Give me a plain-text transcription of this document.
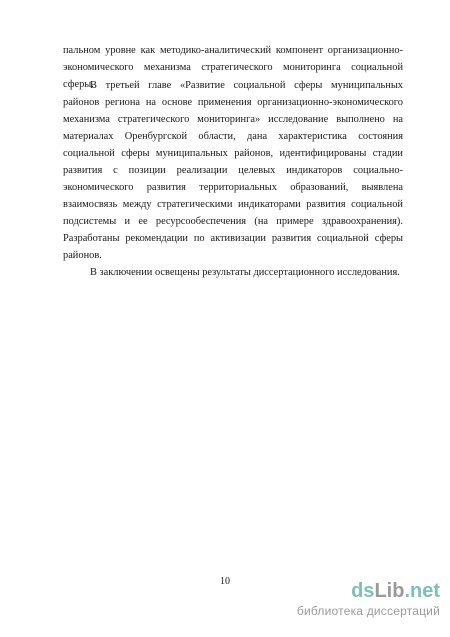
пальном уровне как методико-аналитический компонент организационно-экономического механизма стратегического мониторинга социальной сферы.

В третьей главе «Развитие социальной сферы муниципальных районов региона на основе применения организационно-экономического механизма стратегического мониторинга» исследование выполнено на материалах Оренбургской области, дана характеристика состояния социальной сферы муниципальных районов, идентифицированы стадии развития с позиции реализации целевых индикаторов социально-экономического развития территориальных образований, выявлена взаимосвязь между стратегическими индикаторами развития социальной подсистемы и ее ресурсообеспечения (на примере здравоохранения). Разработаны рекомендации по активизации развития социальной сферы районов.

В заключении освещены результаты диссертационного исследования.

10	dsLib.net
библиотека диссертаций
